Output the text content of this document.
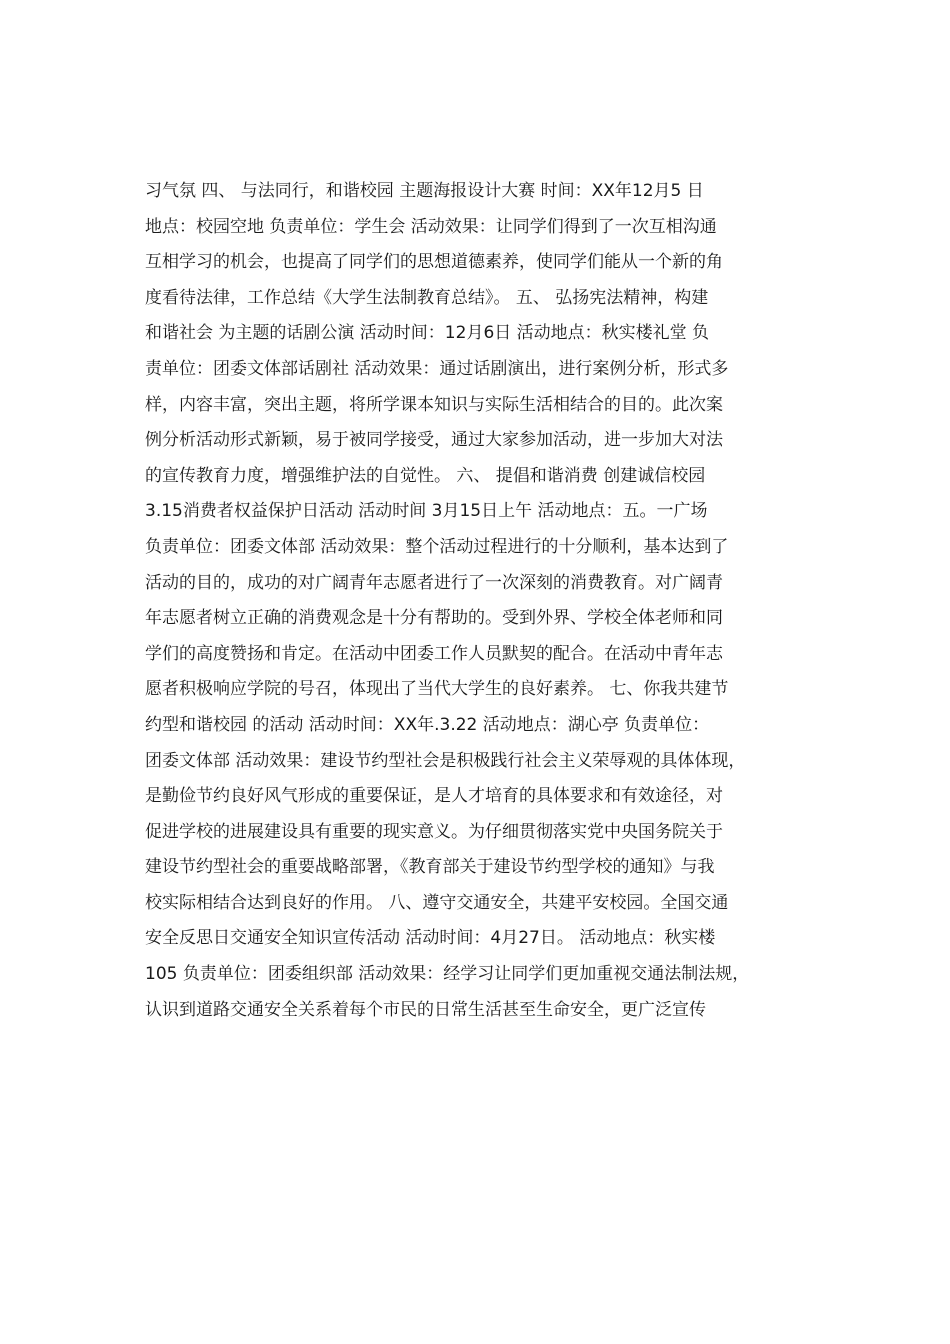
习气氛 四、 与法同行，和谐校园 主题海报设计大赛 时间：XX年12月5 日
地点：校园空地 负责单位：学生会 活动效果：让同学们得到了一次互相沟通
互相学习的机会，也提高了同学们的思想道德素养，使同学们能从一个新的角
度看待法律，工作总结《大学生法制教育总结》。 五、 弘扬宪法精神，构建
和谐社会 为主题的话剧公演 活动时间：12月6日 活动地点：秋实楼礼堂 负
责单位：团委文体部话剧社 活动效果：通过话剧演出，进行案例分析，形式多
样，内容丰富，突出主题，将所学课本知识与实际生活相结合的目的。此次案
例分析活动形式新颖，易于被同学接受，通过大家参加活动，进一步加大对法
的宣传教育力度，增强维护法的自觉性。 六、 提倡和谐消费 创建诚信校园
3.15消费者权益保护日活动 活动时间 3月15日上午 活动地点：五。一广场
负责单位：团委文体部 活动效果：整个活动过程进行的十分顺利，基本达到了
活动的目的，成功的对广阔青年志愿者进行了一次深刻的消费教育。对广阔青
年志愿者树立正确的消费观念是十分有帮助的。受到外界、学校全体老师和同
学们的高度赞扬和肯定。在活动中团委工作人员默契的配合。在活动中青年志
愿者积极响应学院的号召，体现出了当代大学生的良好素养。 七、你我共建节
约型和谐校园 的活动 活动时间：XX年.3.22 活动地点：湖心亭 负责单位：
团委文体部 活动效果：建设节约型社会是积极践行社会主义荣辱观的具体体现，
是勤俭节约良好风气形成的重要保证，是人才培育的具体要求和有效途径，对
促进学校的进展建设具有重要的现实意义。为仔细贯彻落实党中央国务院关于
建设节约型社会的重要战略部署，《教育部关于建设节约型学校的通知》与我
校实际相结合达到良好的作用。 八、遵守交通安全，共建平安校园。全国交通
安全反思日交通安全知识宣传活动 活动时间：4月27日。 活动地点：秋实楼
105 负责单位：团委组织部 活动效果：经学习让同学们更加重视交通法制法规，
认识到道路交通安全关系着每个市民的日常生活甚至生命安全，更广泛宣传
